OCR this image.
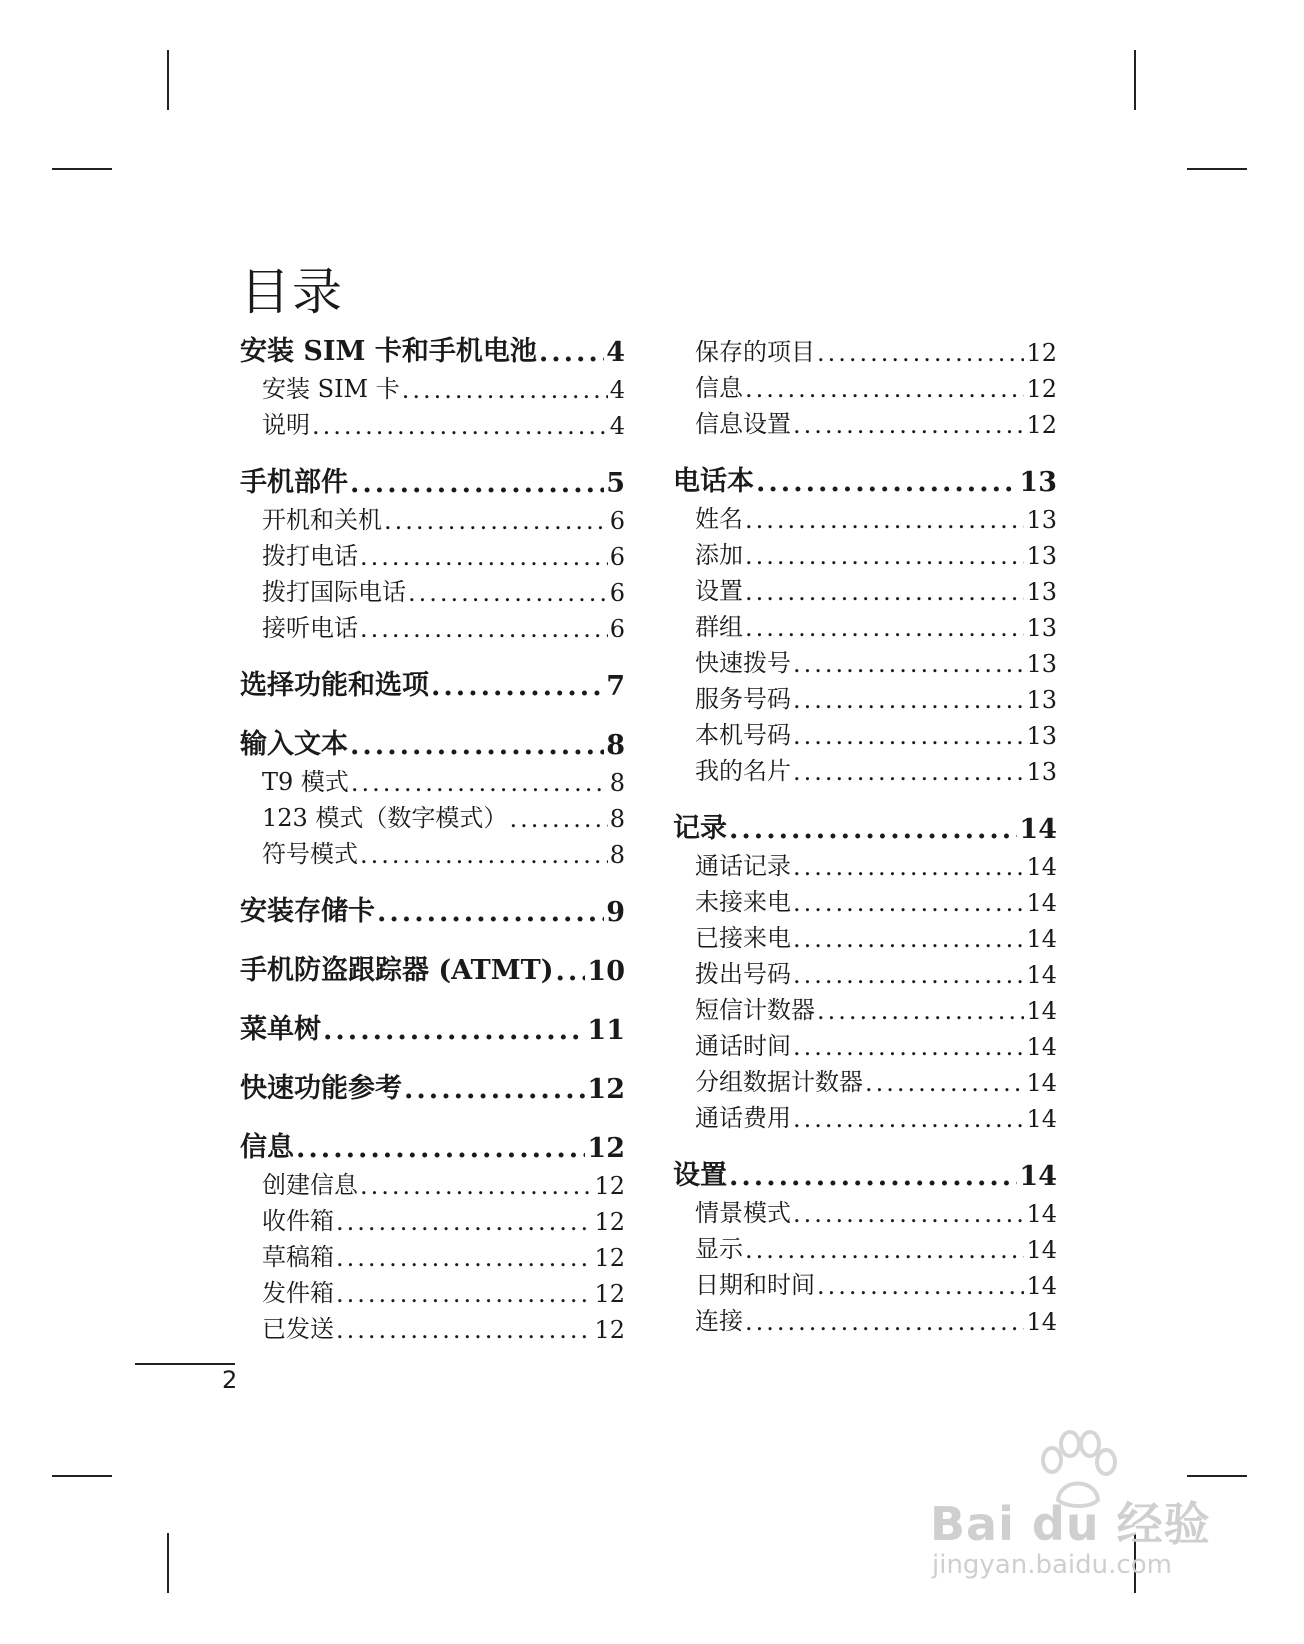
目录
安装 SIM 卡和手机电池 .....	4
安装 SIM 卡 .....	4
说明 .....	4
手机部件 .....	5
开机和关机 .....	6
拨打电话 .....	6
拨打国际电话 .....	6
接听电话 .....	6
选择功能和选项 .....	7
输入文本 .....	8
T9 模式 .....	8
123 模式（数字模式） .....	8
符号模式 .....	8
安装存储卡 .....	9
手机防盗跟踪器 (ATMT) ..... 10
菜单树 .....	11
快速功能参考 .....	12
信息 .....	12
创建信息 .....	12
收件箱 .....	12
草稿箱 .....	12
发件箱 .....	12
已发送 .....	12
保存的项目 .....	12
信息 .....	12
信息设置 .....	12
电话本 .....	13
姓名 .....	13
添加 .....	13
设置 .....	13
群组 .....	13
快速拨号 .....	13
服务号码 .....	13
本机号码 .....	13
我的名片 .....	13
记录 .....	14
通话记录 .....	14
未接来电 .....	14
已接来电 .....	14
拨出号码 .....	14
短信计数器 .....	14
通话时间 .....	14
分组数据计数器 .....	14
通话费用 .....	14
设置 .....	14
情景模式 .....	14
显示 .....	14
日期和时间 .....	14
连接 .....	14
2
Bai du 经验
jingyan.baidu.com
